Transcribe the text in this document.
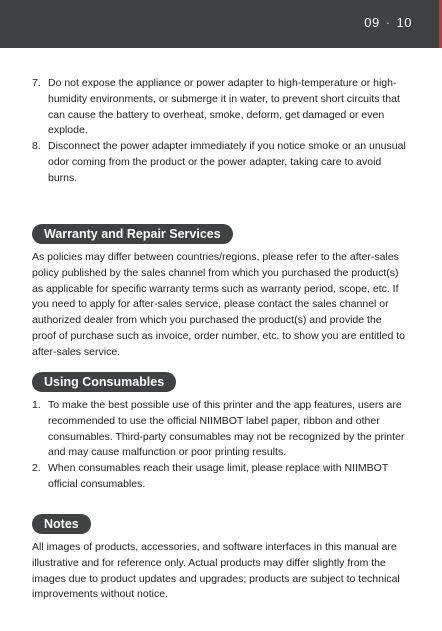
09 · 10
7. Do not expose the appliance or power adapter to high-temperature or high-humidity environments, or submerge it in water, to prevent short circuits that can cause the battery to overheat, smoke, deform, get damaged or even explode.
8. Disconnect the power adapter immediately if you notice smoke or an unusual odor coming from the product or the power adapter, taking care to avoid burns.
Warranty and Repair Services

As policies may differ between countries/regions, please refer to the after-sales policy published by the sales channel from which you purchased the product(s) as applicable for specific warranty terms such as warranty period, scope, etc. If you need to apply for after-sales service, please contact the sales channel or authorized dealer from which you purchased the product(s) and provide the proof of purchase such as invoice, order number, etc. to show you are entitled to after-sales service.

Using Consumables
1. To make the best possible use of this printer and the app features, users are recommended to use the official NIIMBOT label paper, ribbon and other consumables. Third-party consumables may not be recognized by the printer and may cause malfunction or poor printing results.
2. When consumables reach their usage limit, please replace with NIIMBOT official consumables.
Notes

All images of products, accessories, and software interfaces in this manual are illustrative and for reference only. Actual products may differ slightly from the images due to product updates and upgrades; products are subject to technical improvements without notice.
